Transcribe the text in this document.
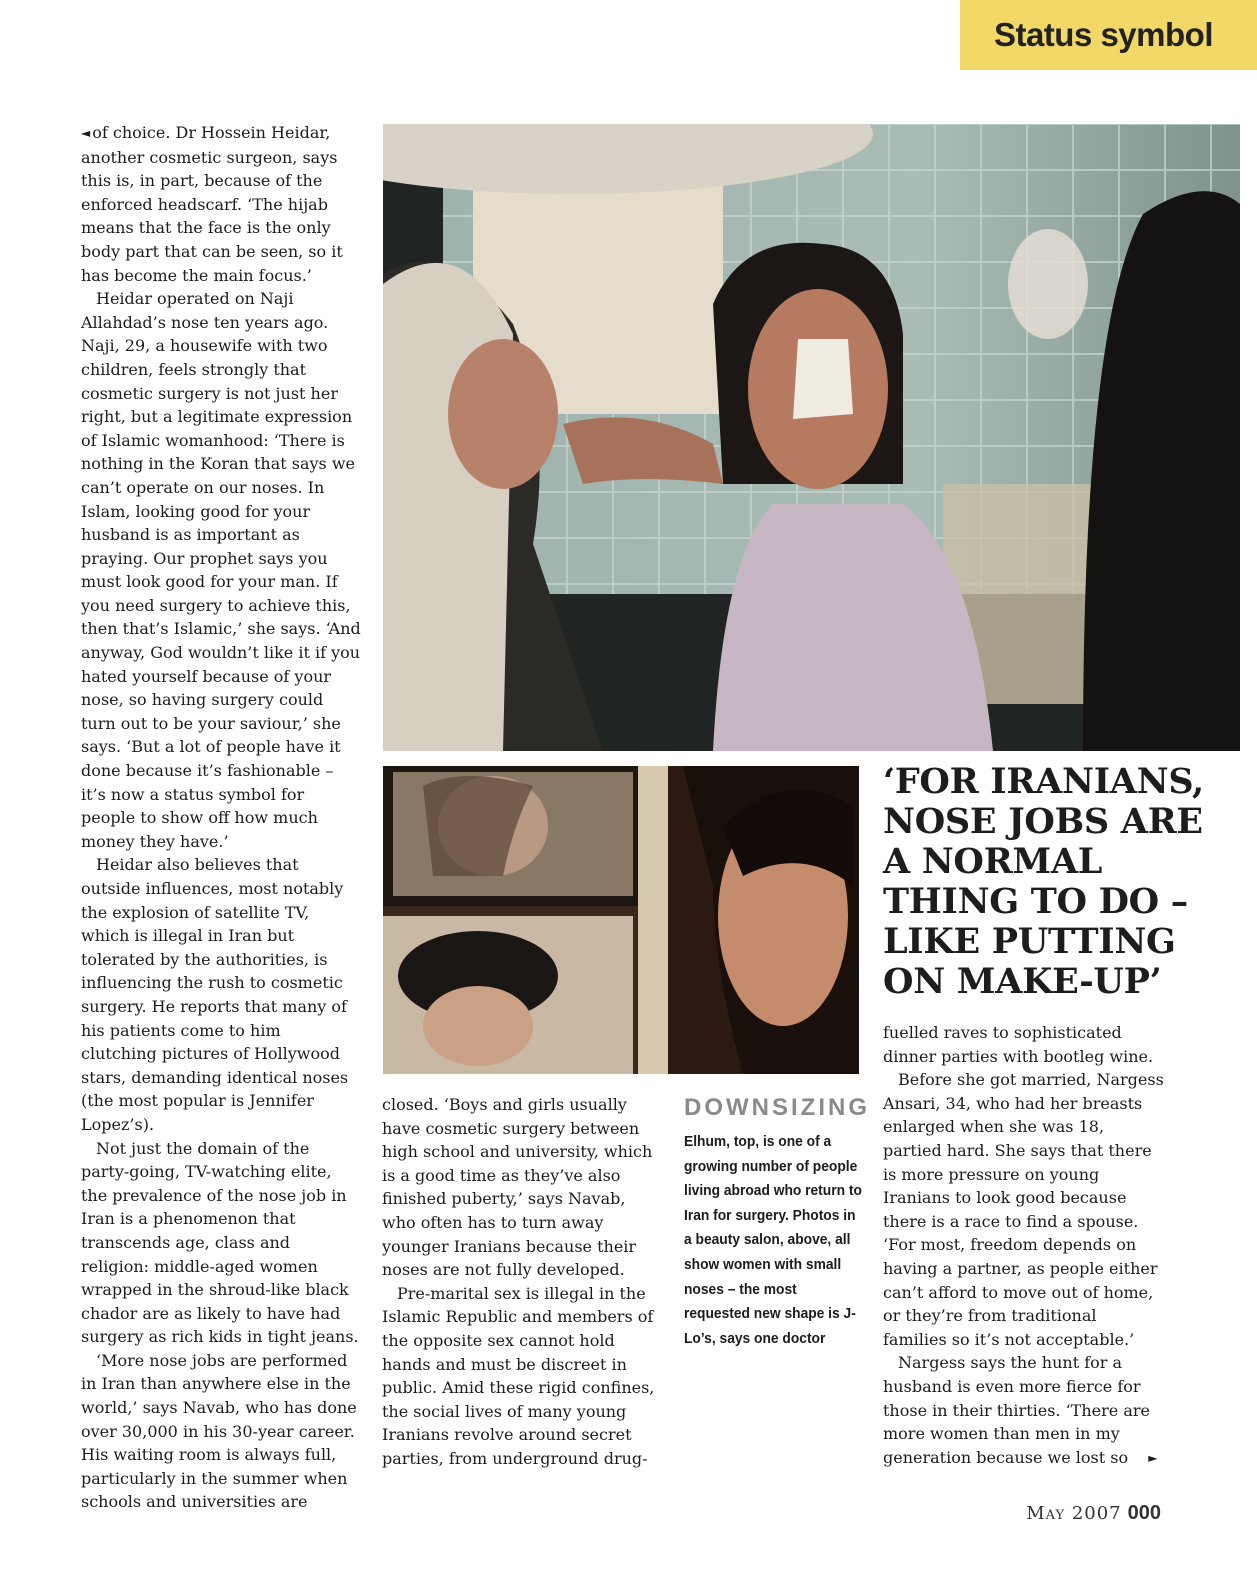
Status symbol

◄ of choice. Dr Hossein Heidar, another cosmetic surgeon, says this is, in part, because of the enforced headscarf. ‘The hijab means that the face is the only body part that can be seen, so it has become the main focus.’

Heidar operated on Naji Allahdad’s nose ten years ago. Naji, 29, a housewife with two children, feels strongly that cosmetic surgery is not just her right, but a legitimate expression of Islamic womanhood: ‘There is nothing in the Koran that says we can’t operate on our noses. In Islam, looking good for your husband is as important as praying. Our prophet says you must look good for your man. If you need surgery to achieve this, then that’s Islamic,’ she says. ‘And anyway, God wouldn’t like it if you hated yourself because of your nose, so having surgery could turn out to be your saviour,’ she says. ‘But a lot of people have it done because it’s fashionable – it’s now a status symbol for people to show off how much money they have.’

Heidar also believes that outside influences, most notably the explosion of satellite TV, which is illegal in Iran but tolerated by the authorities, is influencing the rush to cosmetic surgery. He reports that many of his patients come to him clutching pictures of Hollywood stars, demanding identical noses (the most popular is Jennifer Lopez’s).

Not just the domain of the party-going, TV-watching elite, the prevalence of the nose job in Iran is a phenomenon that transcends age, class and religion: middle-aged women wrapped in the shroud-like black chador are as likely to have had surgery as rich kids in tight jeans.

‘More nose jobs are performed in Iran than anywhere else in the world,’ says Navab, who has done over 30,000 in his 30-year career. His waiting room is always full, particularly in the summer when schools and universities are

‘FOR IRANIANS, NOSE JOBS ARE A NORMAL THING TO DO – LIKE PUTTING ON MAKE-UP’
DOWNSIZING

Elhum, top, is one of a growing number of people living abroad who return to Iran for surgery. Photos in a beauty salon, above, all show women with small noses – the most requested new shape is J-Lo’s, says one doctor

closed. ‘Boys and girls usually have cosmetic surgery between high school and university, which is a good time as they’ve also finished puberty,’ says Navab, who often has to turn away younger Iranians because their noses are not fully developed.

Pre-marital sex is illegal in the Islamic Republic and members of the opposite sex cannot hold hands and must be discreet in public. Amid these rigid confines, the social lives of many young Iranians revolve around secret parties, from underground drug-

fuelled raves to sophisticated dinner parties with bootleg wine.

Before she got married, Nargess Ansari, 34, who had her breasts enlarged when she was 18, partied hard. She says that there is more pressure on young Iranians to look good because there is a race to find a spouse. ‘For most, freedom depends on having a partner, as people either can’t afford to move out of home, or they’re from traditional families so it’s not acceptable.’

Nargess says the hunt for a husband is even more fierce for those in their thirties. ‘There are more women than men in my generation because we lost so ►

May 2007 000
